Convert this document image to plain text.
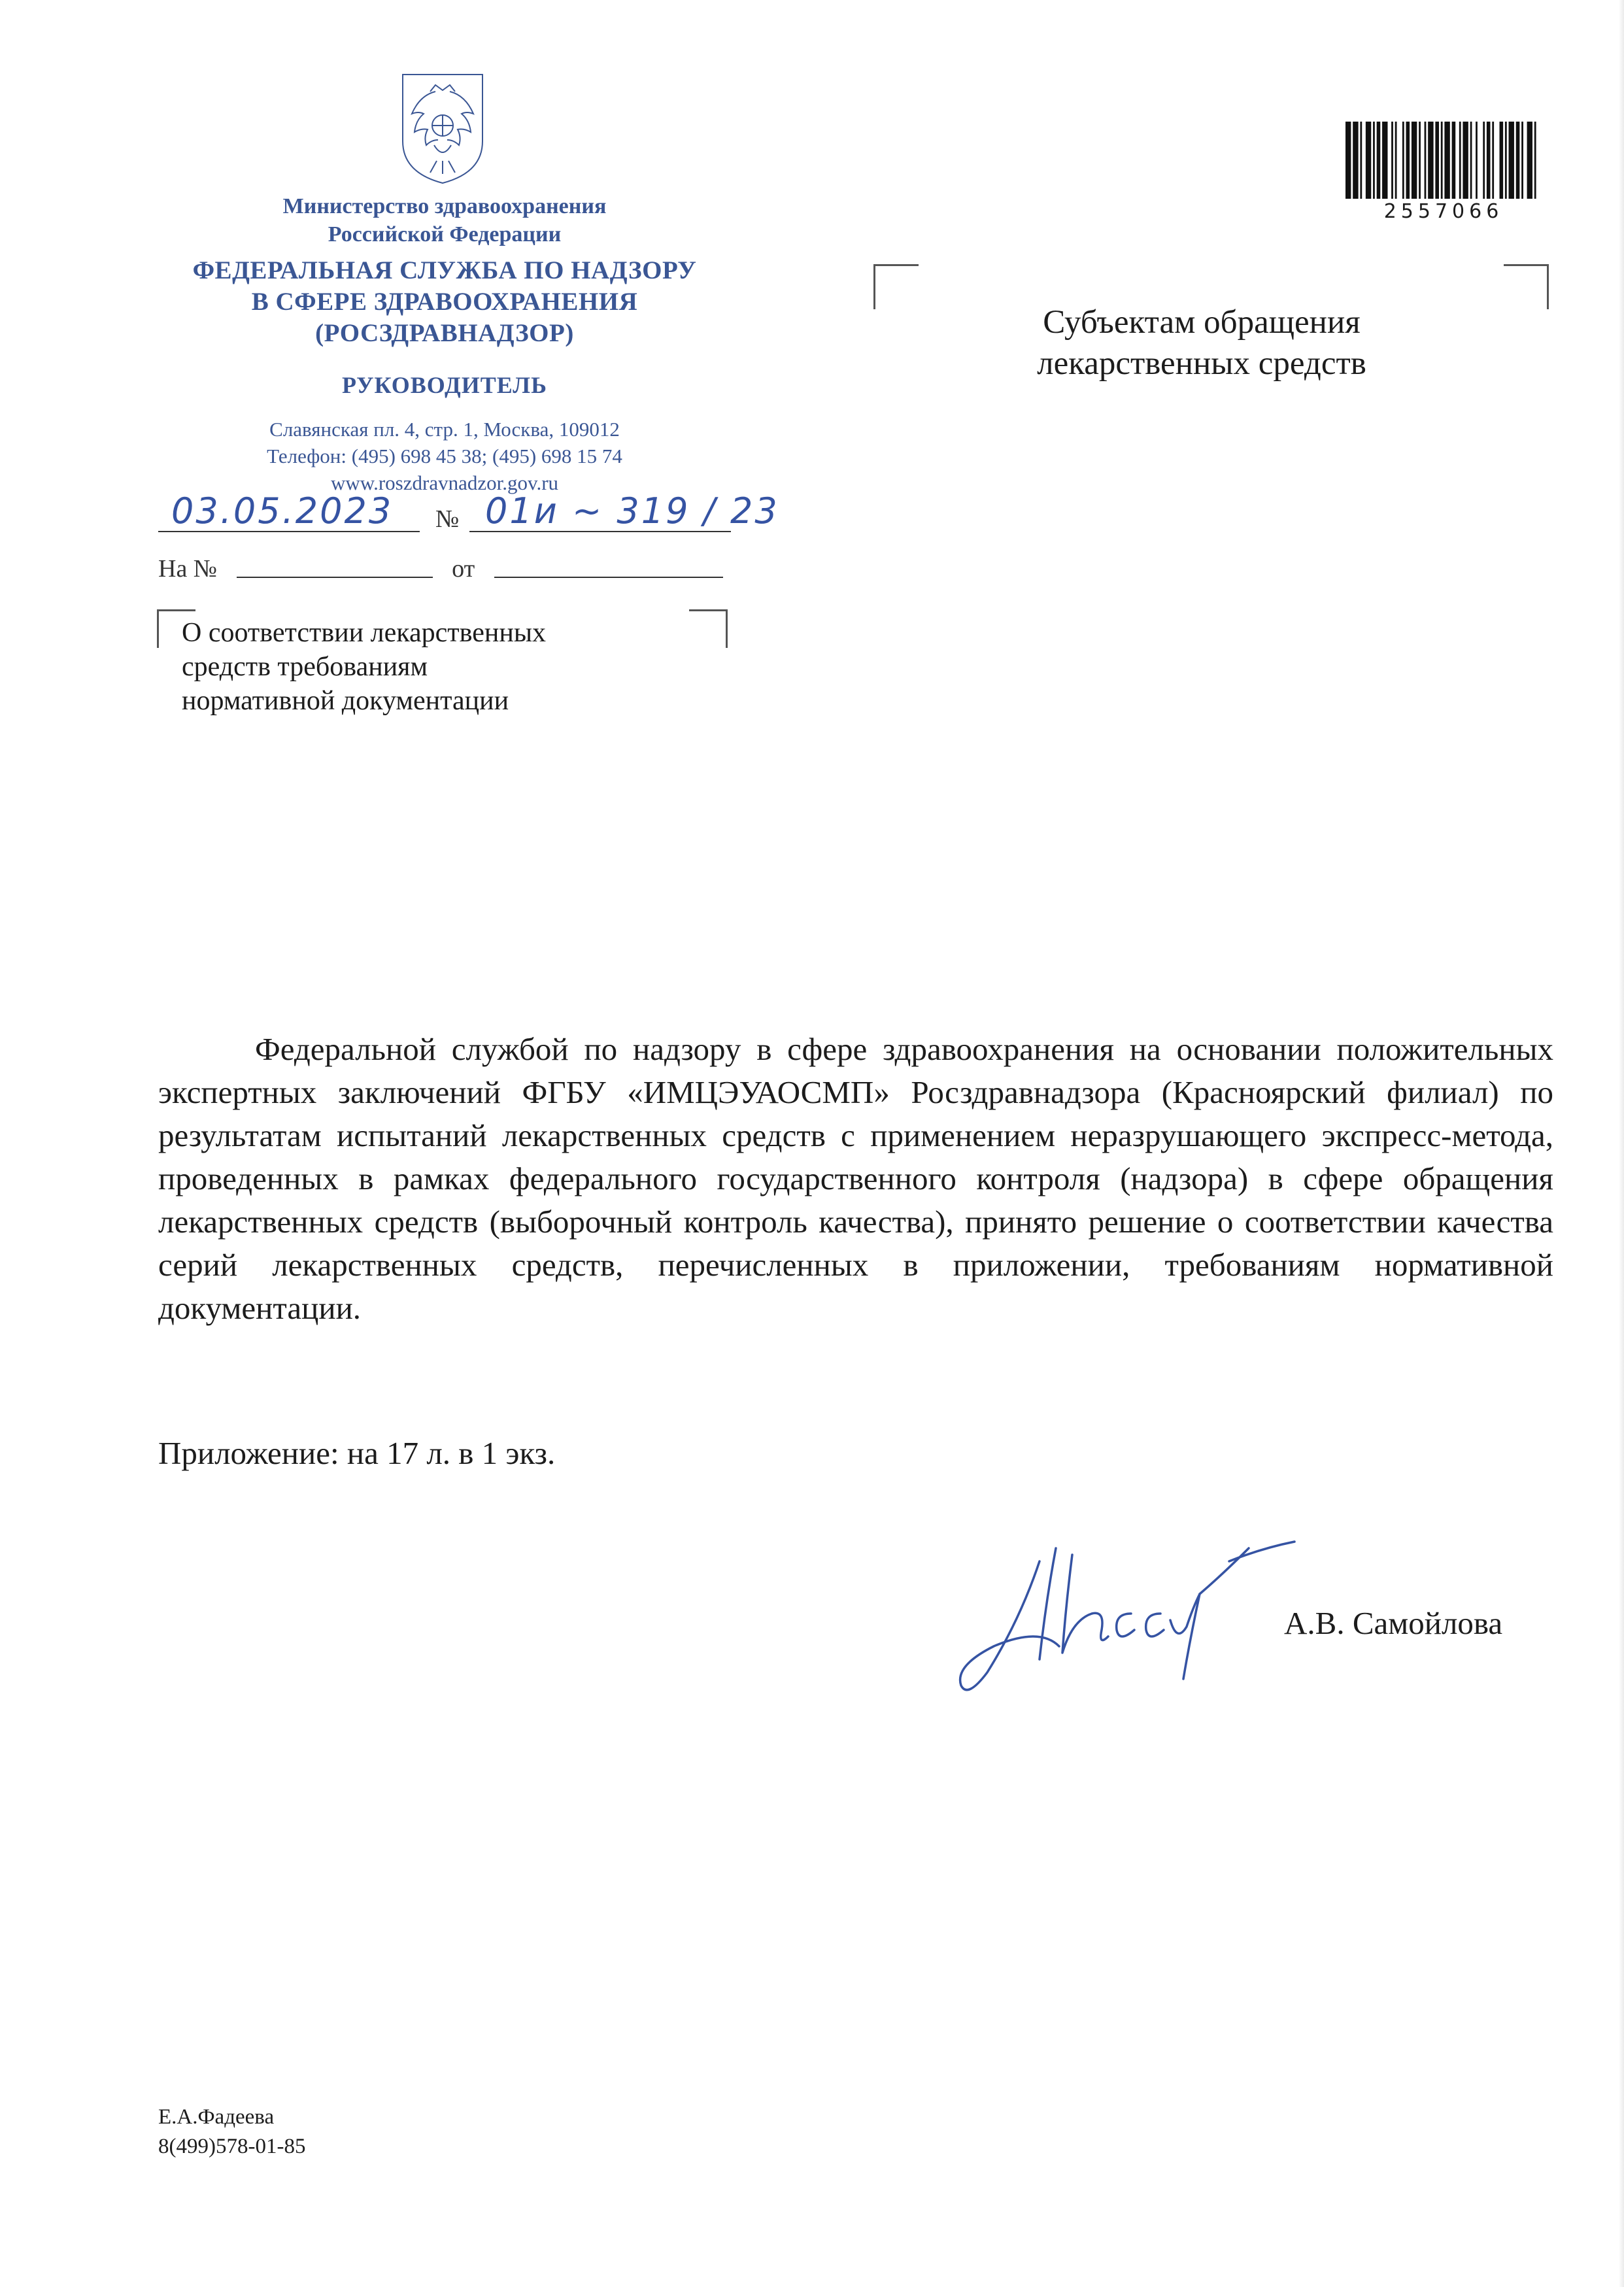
Министерство здравоохранения
Российской Федерации
ФЕДЕРАЛЬНАЯ СЛУЖБА ПО НАДЗОРУ
В СФЕРЕ ЗДРАВООХРАНЕНИЯ
(РОСЗДРАВНАДЗОР)
РУКОВОДИТЕЛЬ
Славянская пл. 4, стр. 1, Москва, 109012
Телефон: (495) 698 45 38; (495) 698 15 74
www.roszdravnadzor.gov.ru
03.05.2023 № 01и ~ 319 / 23
На №	от
О соответствии лекарственных
средств требованиям
нормативной документации
Субъектам обращения
лекарственных средств
2557066
Федеральной службой по надзору в сфере здравоохранения на основании положительных экспертных заключений ФГБУ «ИМЦЭУАОСМП» Росздравнадзора (Красноярский филиал) по результатам испытаний лекарственных средств с применением неразрушающего экспресс-метода, проведенных в рамках федерального государственного контроля (надзора) в сфере обращения лекарственных средств (выборочный контроль качества), принято решение о соответствии качества серий лекарственных средств, перечисленных в приложении, требованиям нормативной документации.
Приложение: на 17 л. в 1 экз.
А.В. Самойлова
Е.А.Фадеева
8(499)578-01-85
